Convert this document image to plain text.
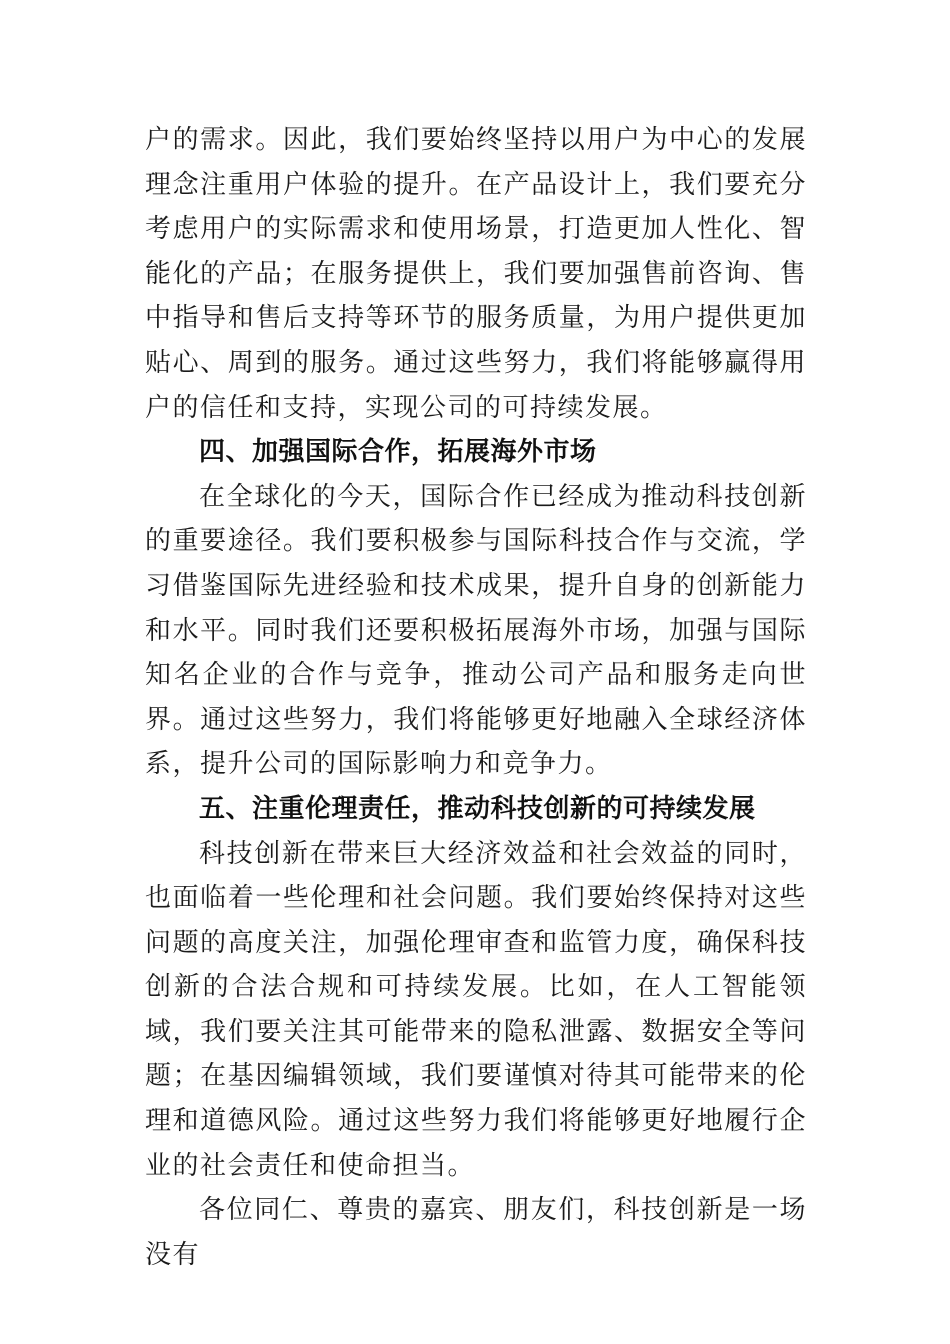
户的需求。因此，我们要始终坚持以用户为中心的发展理念注重用户体验的提升。在产品设计上，我们要充分考虑用户的实际需求和使用场景，打造更加人性化、智能化的产品；在服务提供上，我们要加强售前咨询、售中指导和售后支持等环节的服务质量，为用户提供更加贴心、周到的服务。通过这些努力，我们将能够赢得用户的信任和支持，实现公司的可持续发展。

四、加强国际合作，拓展海外市场

在全球化的今天，国际合作已经成为推动科技创新的重要途径。我们要积极参与国际科技合作与交流，学习借鉴国际先进经验和技术成果，提升自身的创新能力和水平。同时我们还要积极拓展海外市场，加强与国际知名企业的合作与竞争，推动公司产品和服务走向世界。通过这些努力，我们将能够更好地融入全球经济体系，提升公司的国际影响力和竞争力。

五、注重伦理责任，推动科技创新的可持续发展

科技创新在带来巨大经济效益和社会效益的同时，也面临着一些伦理和社会问题。我们要始终保持对这些问题的高度关注，加强伦理审查和监管力度，确保科技创新的合法合规和可持续发展。比如，在人工智能领域，我们要关注其可能带来的隐私泄露、数据安全等问题；在基因编辑领域，我们要谨慎对待其可能带来的伦理和道德风险。通过这些努力我们将能够更好地履行企业的社会责任和使命担当。

各位同仁、尊贵的嘉宾、朋友们，科技创新是一场没有
